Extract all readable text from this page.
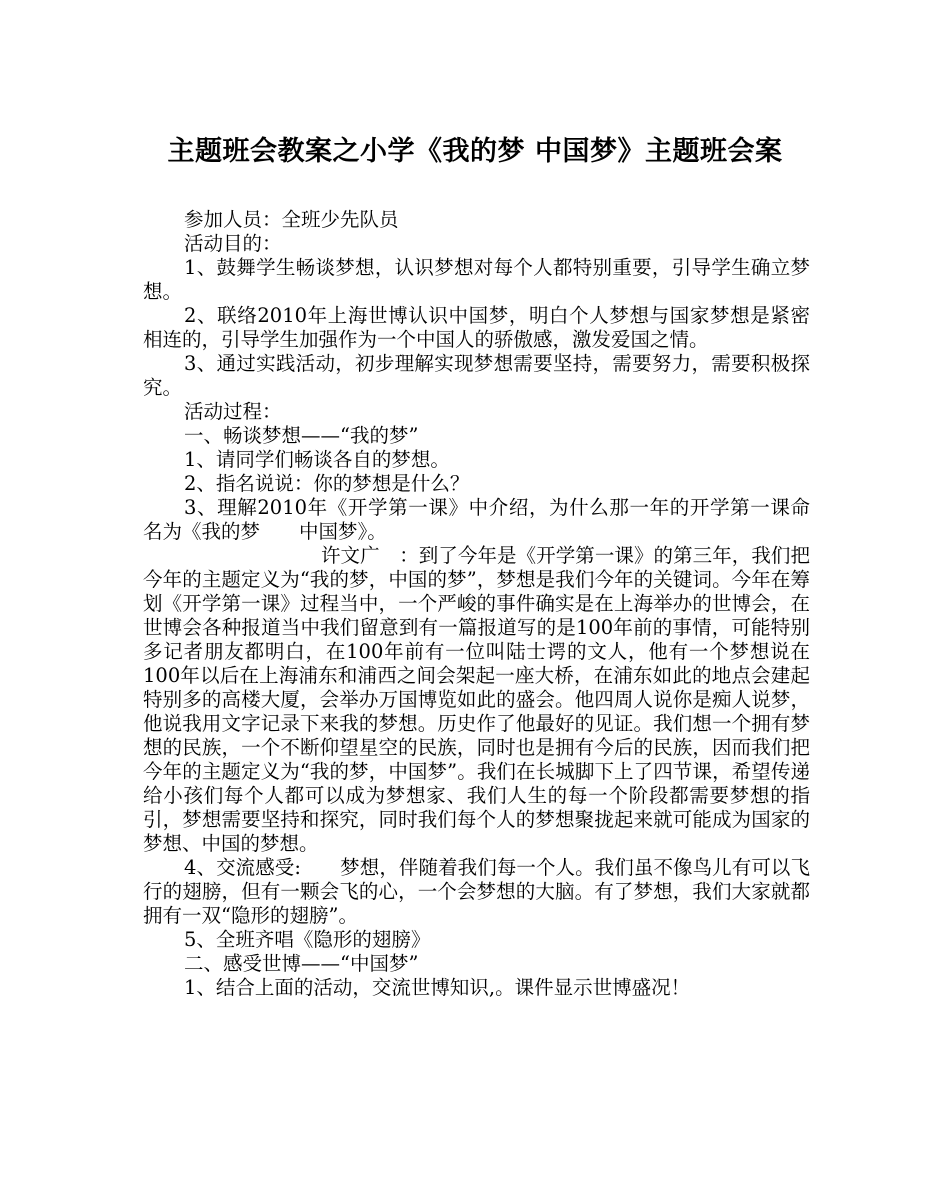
主题班会教案之小学《我的梦 中国梦》主题班会案

参加人员：全班少先队员

活动目的：

1、鼓舞学生畅谈梦想，认识梦想对每个人都特别重要，引导学生确立梦想。

2、联络2010年上海世博认识中国梦，明白个人梦想与国家梦想是紧密相连的，引导学生加强作为一个中国人的骄傲感，激发爱国之情。

3、通过实践活动，初步理解实现梦想需要坚持，需要努力，需要积极探究。

活动过程：

一、畅谈梦想——“我的梦”

1、请同学们畅谈各自的梦想。

2、指名说说：你的梦想是什么？

3、理解2010年《开学第一课》中介绍，为什么那一年的开学第一课命名为《我的梦　　中国梦》。

　　　　　　　许文广　：到了今年是《开学第一课》的第三年，我们把今年的主题定义为“我的梦，中国的梦”，梦想是我们今年的关键词。今年在筹划《开学第一课》过程当中，一个严峻的事件确实是在上海举办的世博会，在世博会各种报道当中我们留意到有一篇报道写的是100年前的事情，可能特别多记者朋友都明白，在100年前有一位叫陆士谔的文人，他有一个梦想说在100年以后在上海浦东和浦西之间会架起一座大桥，在浦东如此的地点会建起特别多的高楼大厦，会举办万国博览如此的盛会。他四周人说你是痴人说梦，他说我用文字记录下来我的梦想。历史作了他最好的见证。我们想一个拥有梦想的民族，一个不断仰望星空的民族，同时也是拥有今后的民族，因而我们把今年的主题定义为“我的梦，中国梦”。我们在长城脚下上了四节课，希望传递给小孩们每个人都可以成为梦想家、我们人生的每一个阶段都需要梦想的指引，梦想需要坚持和探究，同时我们每个人的梦想聚拢起来就可能成为国家的梦想、中国的梦想。

4、交流感受:　　梦想，伴随着我们每一个人。我们虽不像鸟儿有可以飞行的翅膀，但有一颗会飞的心，一个会梦想的大脑。有了梦想，我们大家就都拥有一双“隐形的翅膀”。

5、全班齐唱《隐形的翅膀》

二、感受世博——“中国梦”

1、结合上面的活动，交流世博知识,。课件显示世博盛况！
